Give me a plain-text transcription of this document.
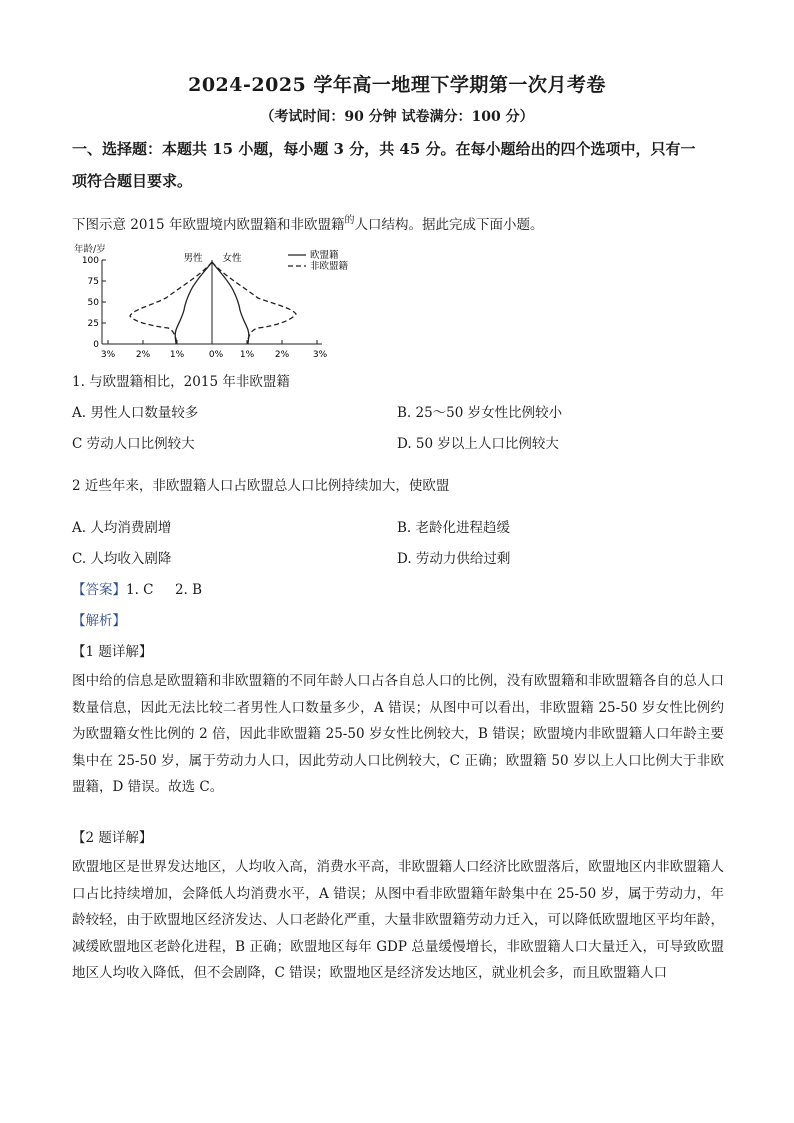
2024-2025 学年高一地理下学期第一次月考卷
（考试时间：90 分钟 试卷满分：100 分）
一、选择题：本题共 15 小题，每小题 3 分，共 45 分。在每小题给出的四个选项中，只有一
项符合题目要求。
下图示意 2015 年欧盟境内欧盟籍和非欧盟籍$^的$人口结构。据此完成下面小题。
年龄/岁
100
75
50
25
0
3% 2% 1%	0% 1% 2%	3%
男性 女性	欧盟籍
非欧盟籍
1. 与欧盟籍相比，2015 年非欧盟籍
A. 男性人口数量较多	B. 25～50 岁女性比例较小
C 劳动人口比例较大	D. 50 岁以上人口比例较大
2 近些年来，非欧盟籍人口占欧盟总人口比例持续加大，使欧盟
A. 人均消费剧增	B. 老龄化进程趋缓
C. 人均收入剧降	D. 劳动力供给过剩
【答案】1. C     2. B
【解析】
【1 题详解】
图中给的信息是欧盟籍和非欧盟籍的不同年龄人口占各自总人口的比例，没有欧盟籍和非欧盟籍各自的总人口数量信息，因此无法比较二者男性人口数量多少，A 错误；从图中可以看出，非欧盟籍 25-50 岁女性比例约为欧盟籍女性比例的 2 倍，因此非欧盟籍 25-50 岁女性比例较大，B 错误；欧盟境内非欧盟籍人口年龄主要集中在 25-50 岁，属于劳动力人口，因此劳动人口比例较大，C 正确；欧盟籍 50 岁以上人口比例大于非欧盟籍，D 错误。故选 C。
【2 题详解】
欧盟地区是世界发达地区，人均收入高，消费水平高，非欧盟籍人口经济比欧盟落后，欧盟地区内非欧盟籍人口占比持续增加，会降低人均消费水平，A 错误；从图中看非欧盟籍年龄集中在 25-50 岁，属于劳动力，年龄较轻，由于欧盟地区经济发达、人口老龄化严重，大量非欧盟籍劳动力迁入，可以降低欧盟地区平均年龄，减缓欧盟地区老龄化进程，B 正确；欧盟地区每年 GDP 总量缓慢增长，非欧盟籍人口大量迁入，可导致欧盟地区人均收入降低，但不会剧降，C 错误；欧盟地区是经济发达地区，就业机会多，而且欧盟籍人口
